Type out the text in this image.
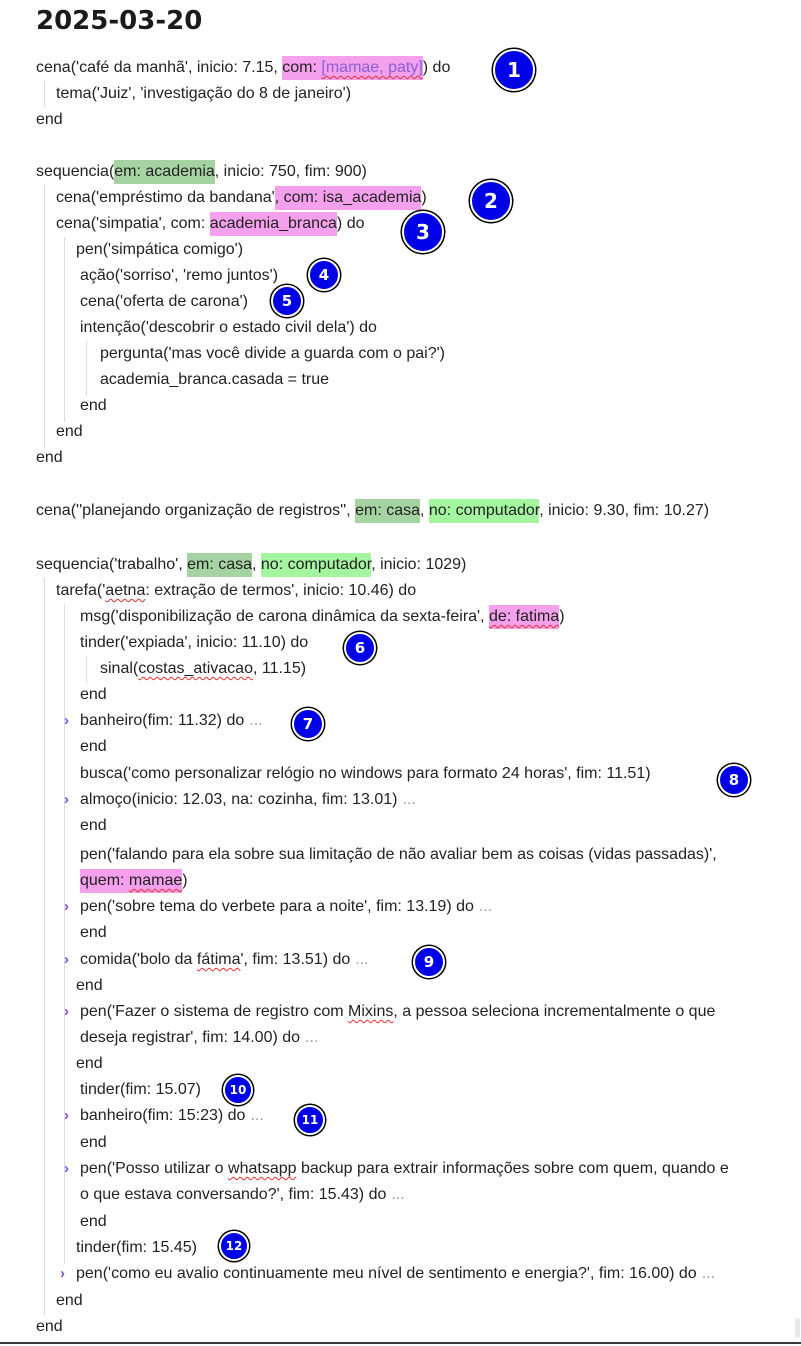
2025-03-20
cena('café da manhã', inicio: 7.15, com: [mamae, paty]) do
tema('Juiz', 'investigação do 8 de janeiro')
end
sequencia(em: academia, inicio: 750, fim: 900)
cena('empréstimo da bandana', com: isa_academia)
cena('simpatia', com: academia_branca) do
pen('simpática comigo')
ação('sorriso', 'remo juntos')
cena('oferta de carona')
intenção('descobrir o estado civil dela') do
pergunta('mas você divide a guarda com o pai?')
academia_branca.casada = true
end
end
end
cena(''planejando organização de registros'', em: casa, no: computador, inicio: 9.30, fim: 10.27)
sequencia('trabalho', em: casa, no: computador, inicio: 1029)
tarefa('aetna: extração de termos', inicio: 10.46) do
msg('disponibilização de carona dinâmica da sexta-feira', de: fatima)
tinder('expiada', inicio: 11.10) do
sinal(costas_ativacao, 11.15)
end
› banheiro(fim: 11.32) do ...
end
busca('como personalizar relógio no windows para formato 24 horas', fim: 11.51)
› almoço(inicio: 12.03, na: cozinha, fim: 13.01) ...
end
pen('falando para ela sobre sua limitação de não avaliar bem as coisas (vidas passadas)',
quem: mamae)
› pen('sobre tema do verbete para a noite', fim: 13.19) do ...
end
› comida('bolo da fátima', fim: 13.51) do ...
end
› pen('Fazer o sistema de registro com Mixins, a pessoa seleciona incrementalmente o que
deseja registrar', fim: 14.00) do ...
end
tinder(fim: 15.07)
› banheiro(fim: 15:23) do ...
end
› pen('Posso utilizar o whatsapp backup para extrair informações sobre com quem, quando e
o que estava conversando?', fim: 15.43) do ...
end
tinder(fim: 15.45)
› pen('como eu avalio continuamente meu nível de sentimento e energia?', fim: 16.00) do ...
end
end
1
2
3
4
5
6
7
8
9
10
11
12
